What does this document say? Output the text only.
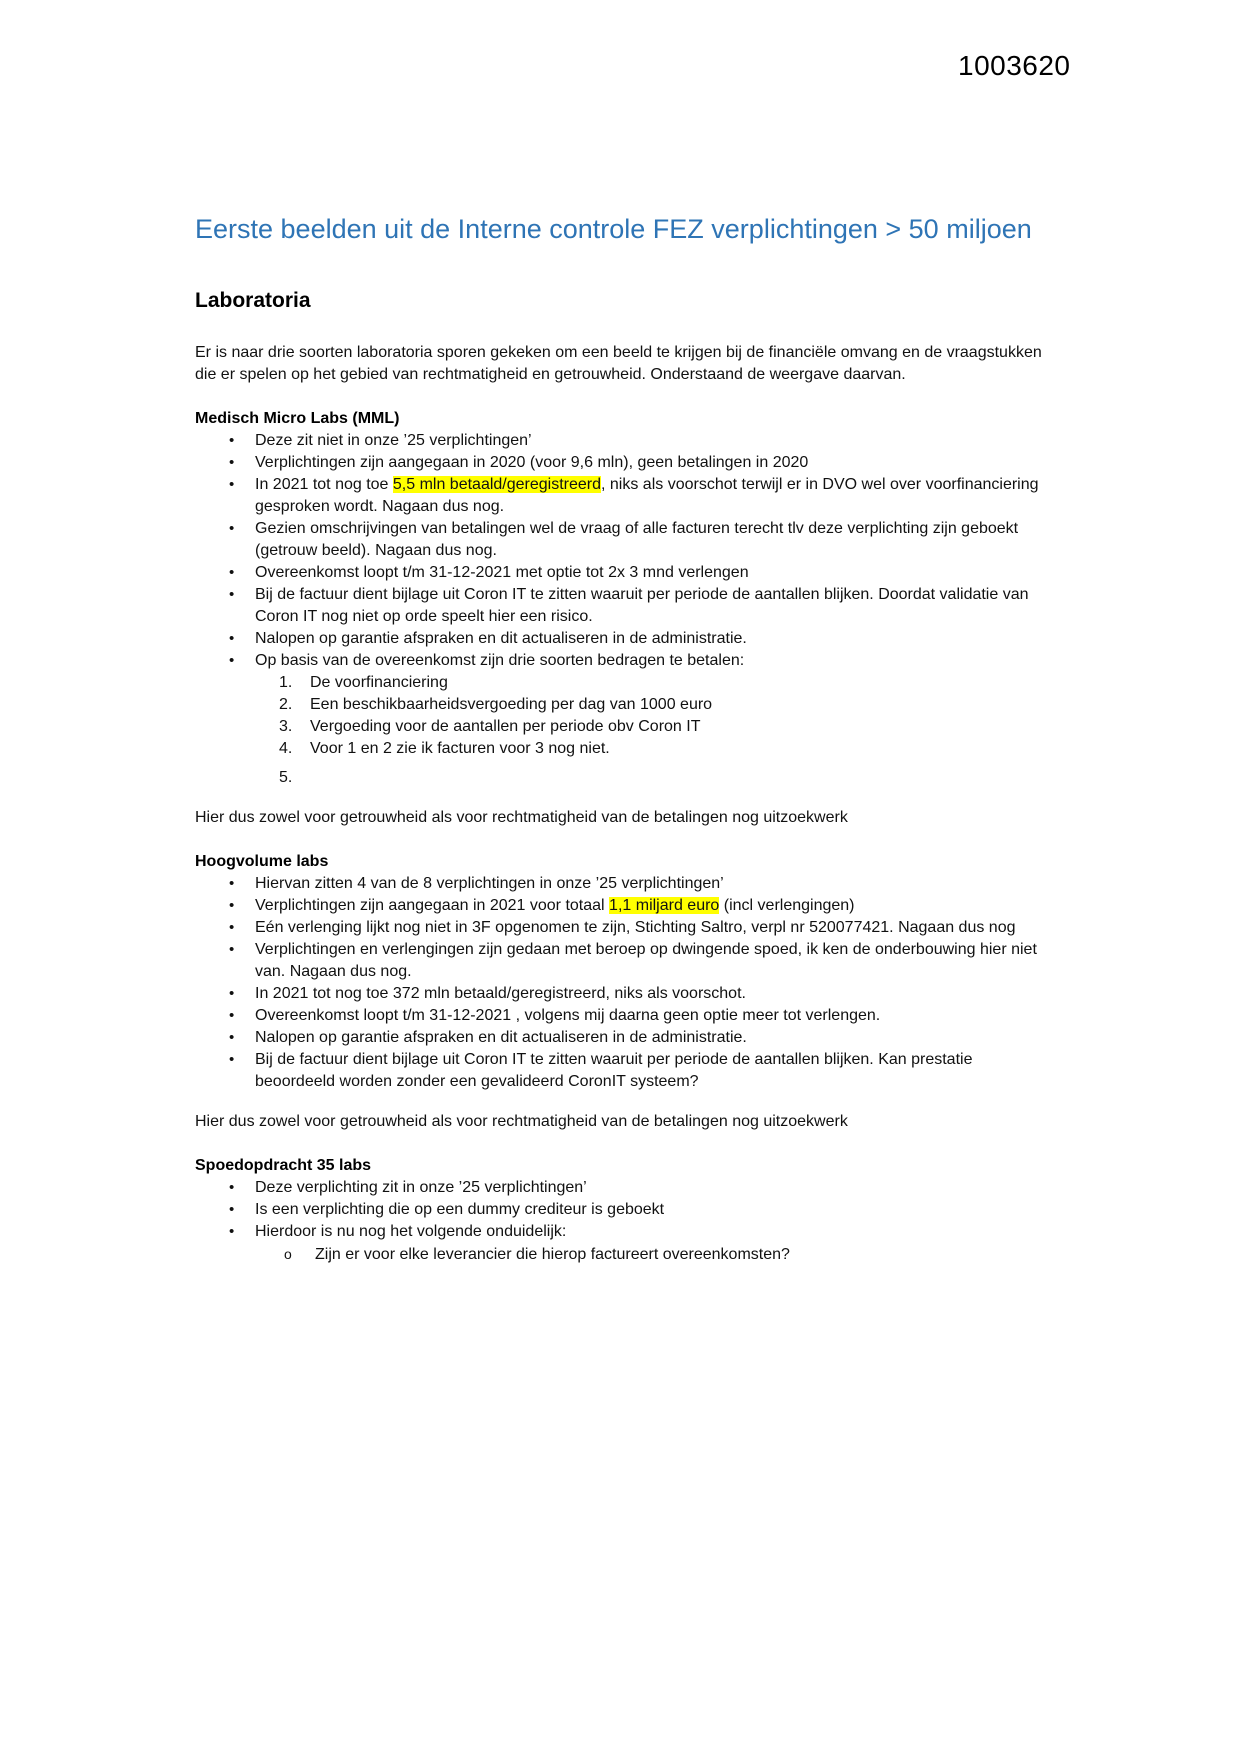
1003620
Eerste beelden uit de Interne controle FEZ verplichtingen > 50 miljoen
Laboratoria
Er is naar drie soorten laboratoria sporen gekeken om een beeld te krijgen bij de financiële omvang en de vraagstukken die er spelen op het gebied van rechtmatigheid en getrouwheid. Onderstaand de weergave daarvan.
Medisch Micro Labs (MML)
•	Deze zit niet in onze ’25 verplichtingen’
•	Verplichtingen zijn aangegaan in 2020 (voor 9,6 mln), geen betalingen in 2020
•	In 2021 tot nog toe 5,5 mln betaald/geregistreerd, niks als voorschot terwijl er in DVO wel over voorfinanciering gesproken wordt. Nagaan dus nog.
•	Gezien omschrijvingen van betalingen wel de vraag of alle facturen terecht tlv deze verplichting zijn geboekt (getrouw beeld). Nagaan dus nog.
•	Overeenkomst loopt t/m 31-12-2021 met optie tot 2x 3 mnd verlengen
•	Bij de factuur dient bijlage uit Coron IT te zitten waaruit per periode de aantallen blijken. Doordat validatie van Coron IT nog niet op orde speelt hier een risico.
•	Nalopen op garantie afspraken en dit actualiseren in de administratie.
•	Op basis van de overeenkomst zijn drie soorten bedragen te betalen:
1.	De voorfinanciering
2.	Een beschikbaarheidsvergoeding per dag van 1000 euro
3.	Vergoeding voor de aantallen per periode obv Coron IT
4.	Voor 1 en 2 zie ik facturen voor 3 nog niet.
5.
Hier dus zowel voor getrouwheid als voor rechtmatigheid van de betalingen nog uitzoekwerk
Hoogvolume labs
•	Hiervan zitten 4 van de 8 verplichtingen in onze ’25 verplichtingen’
•	Verplichtingen zijn aangegaan in 2021 voor totaal 1,1 miljard euro (incl verlengingen)
•	Eén verlenging lijkt nog niet in 3F opgenomen te zijn, Stichting Saltro, verpl nr 520077421. Nagaan dus nog
•	Verplichtingen en verlengingen zijn gedaan met beroep op dwingende spoed, ik ken de onderbouwing hier niet van. Nagaan dus nog.
•	In 2021 tot nog toe 372 mln betaald/geregistreerd, niks als voorschot.
•	Overeenkomst loopt t/m 31-12-2021 , volgens mij daarna geen optie meer tot verlengen.
•	Nalopen op garantie afspraken en dit actualiseren in de administratie.
•	Bij de factuur dient bijlage uit Coron IT te zitten waaruit per periode de aantallen blijken. Kan prestatie beoordeeld worden zonder een gevalideerd CoronIT systeem?
Hier dus zowel voor getrouwheid als voor rechtmatigheid van de betalingen nog uitzoekwerk
Spoedopdracht 35 labs
•	Deze verplichting zit in onze ’25 verplichtingen’
•	Is een verplichting die op een dummy crediteur is geboekt
•	Hierdoor is nu nog het volgende onduidelijk:
o	Zijn er voor elke leverancier die hierop factureert overeenkomsten?
